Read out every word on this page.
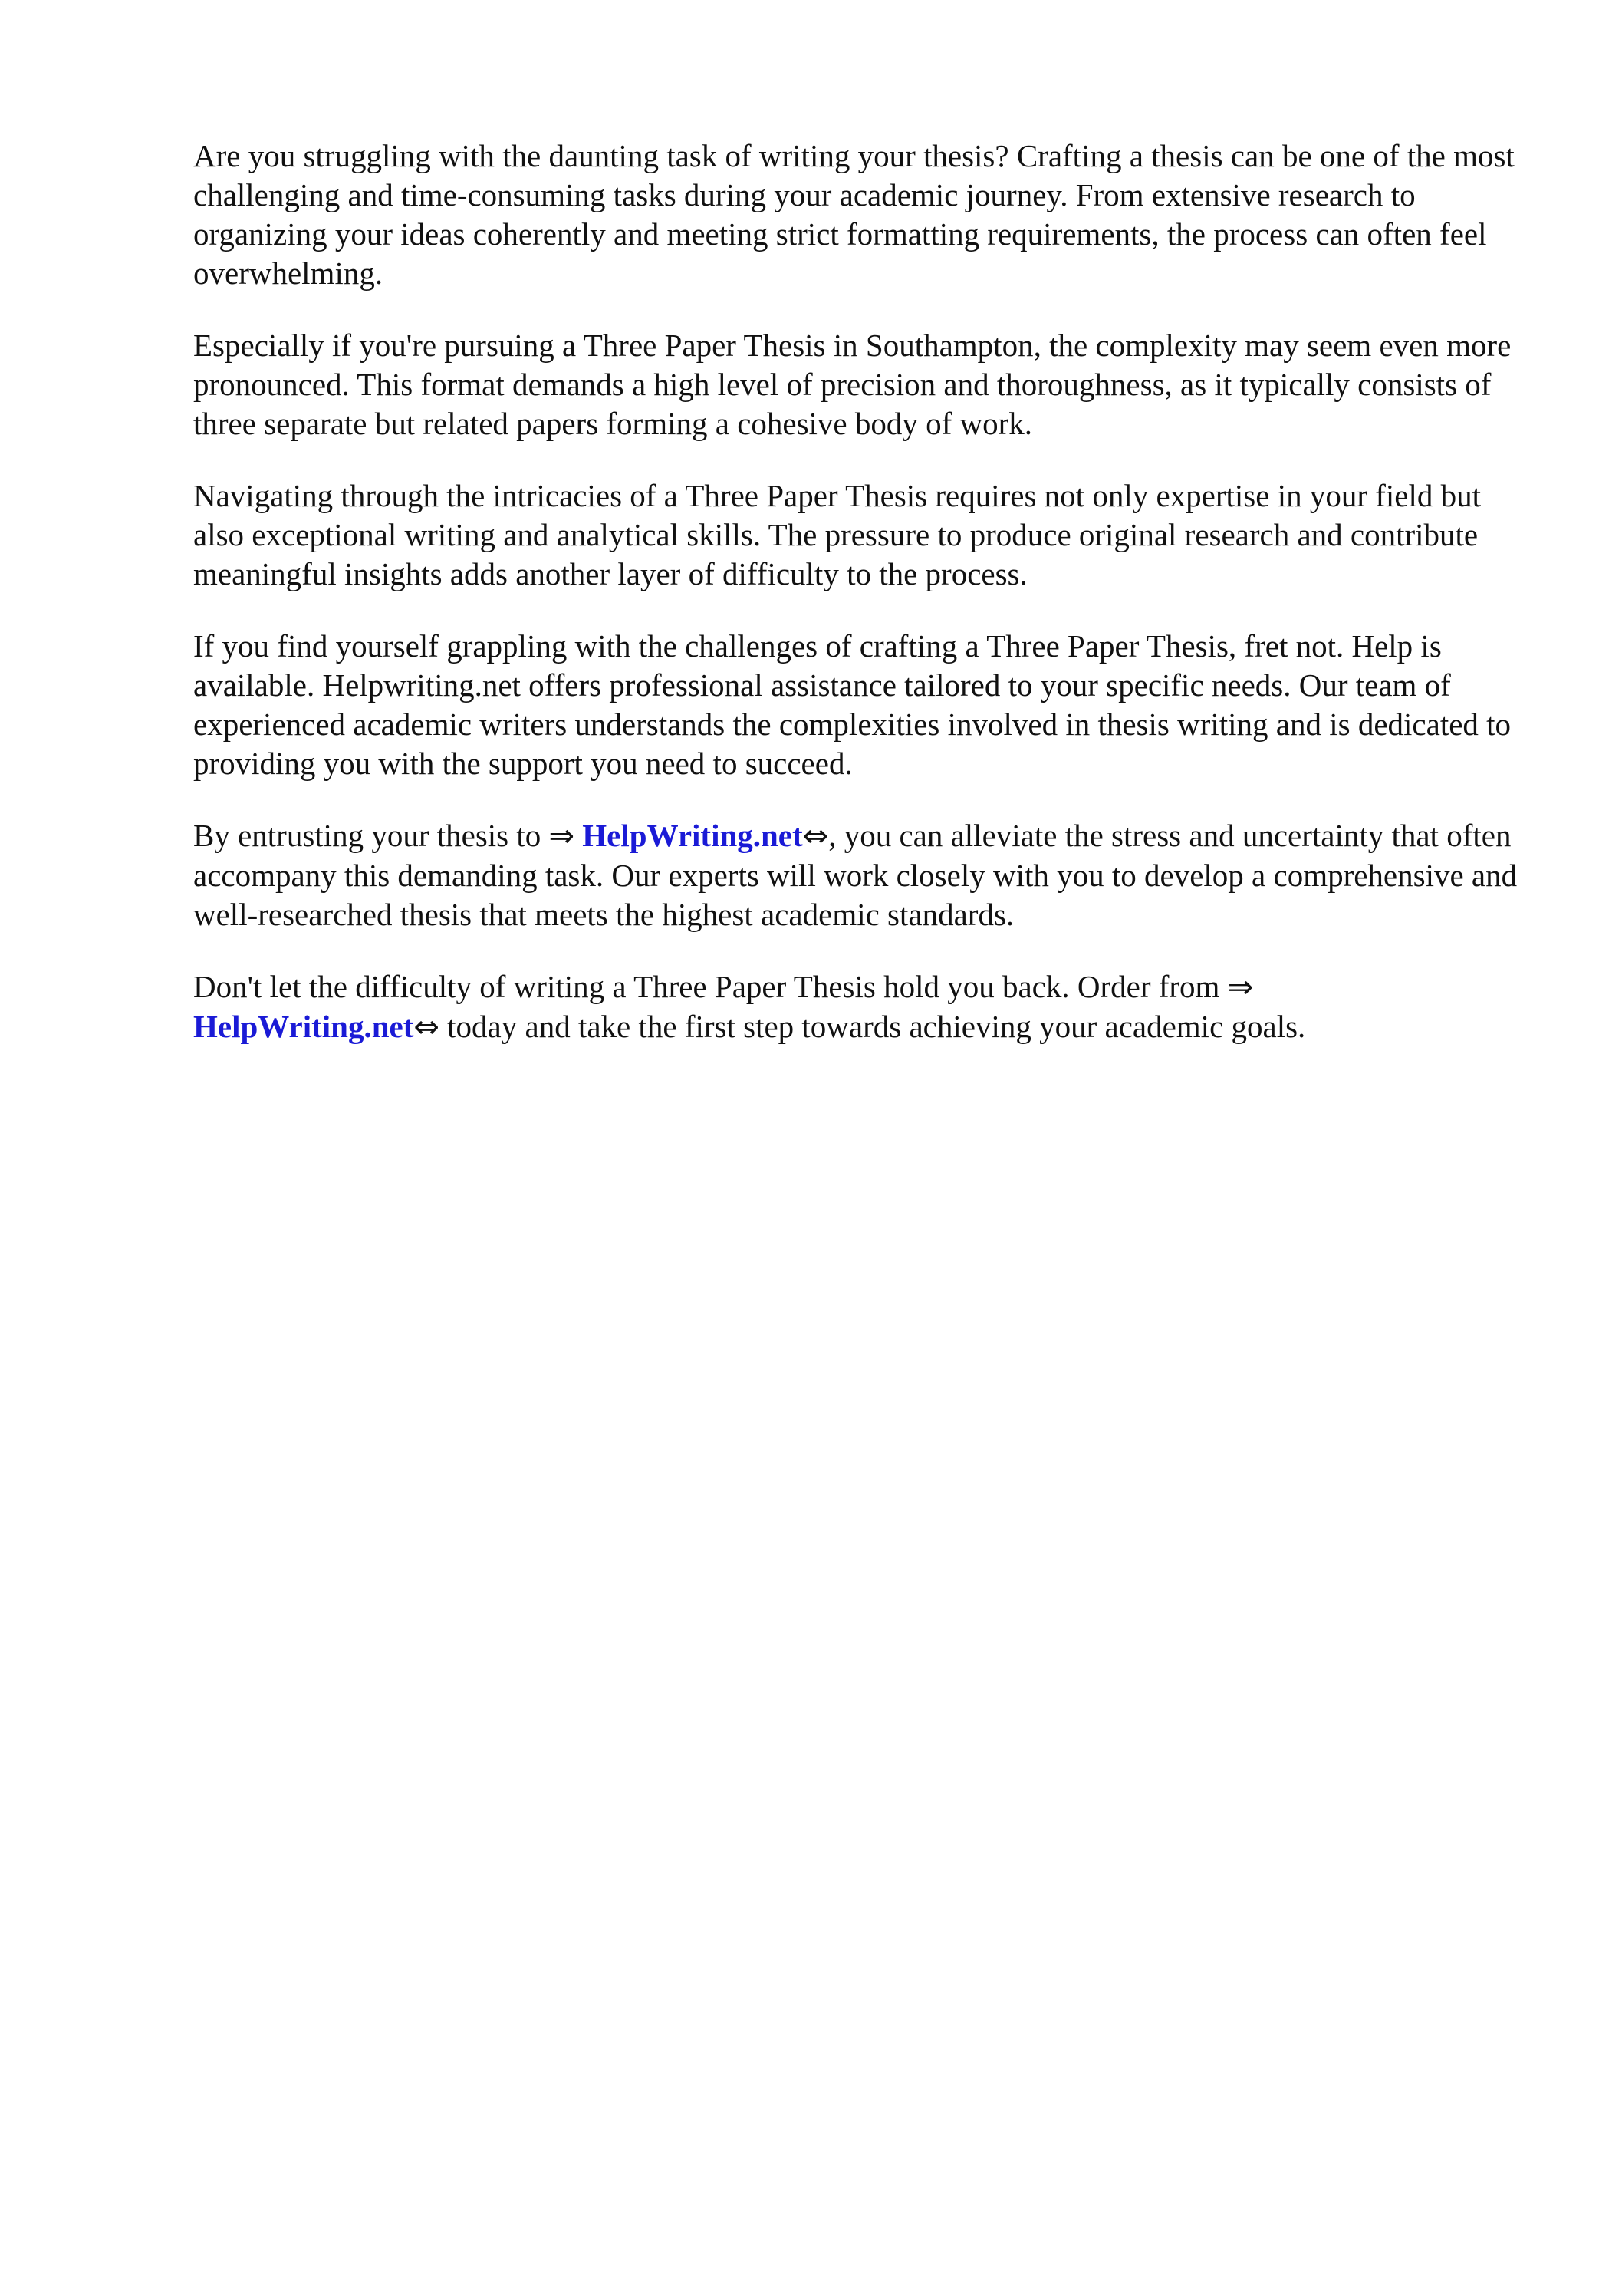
Are you struggling with the daunting task of writing your thesis? Crafting a thesis can be one of the most challenging and time-consuming tasks during your academic journey. From extensive research to organizing your ideas coherently and meeting strict formatting requirements, the process can often feel overwhelming.

Especially if you're pursuing a Three Paper Thesis in Southampton, the complexity may seem even more pronounced. This format demands a high level of precision and thoroughness, as it typically consists of three separate but related papers forming a cohesive body of work.

Navigating through the intricacies of a Three Paper Thesis requires not only expertise in your field but also exceptional writing and analytical skills. The pressure to produce original research and contribute meaningful insights adds another layer of difficulty to the process.

If you find yourself grappling with the challenges of crafting a Three Paper Thesis, fret not. Help is available. Helpwriting.net offers professional assistance tailored to your specific needs. Our team of experienced academic writers understands the complexities involved in thesis writing and is dedicated to providing you with the support you need to succeed.

By entrusting your thesis to ⇒ HelpWriting.net⇔, you can alleviate the stress and uncertainty that often accompany this demanding task. Our experts will work closely with you to develop a comprehensive and well-researched thesis that meets the highest academic standards.

Don't let the difficulty of writing a Three Paper Thesis hold you back. Order from ⇒
HelpWriting.net⇔ today and take the first step towards achieving your academic goals.
